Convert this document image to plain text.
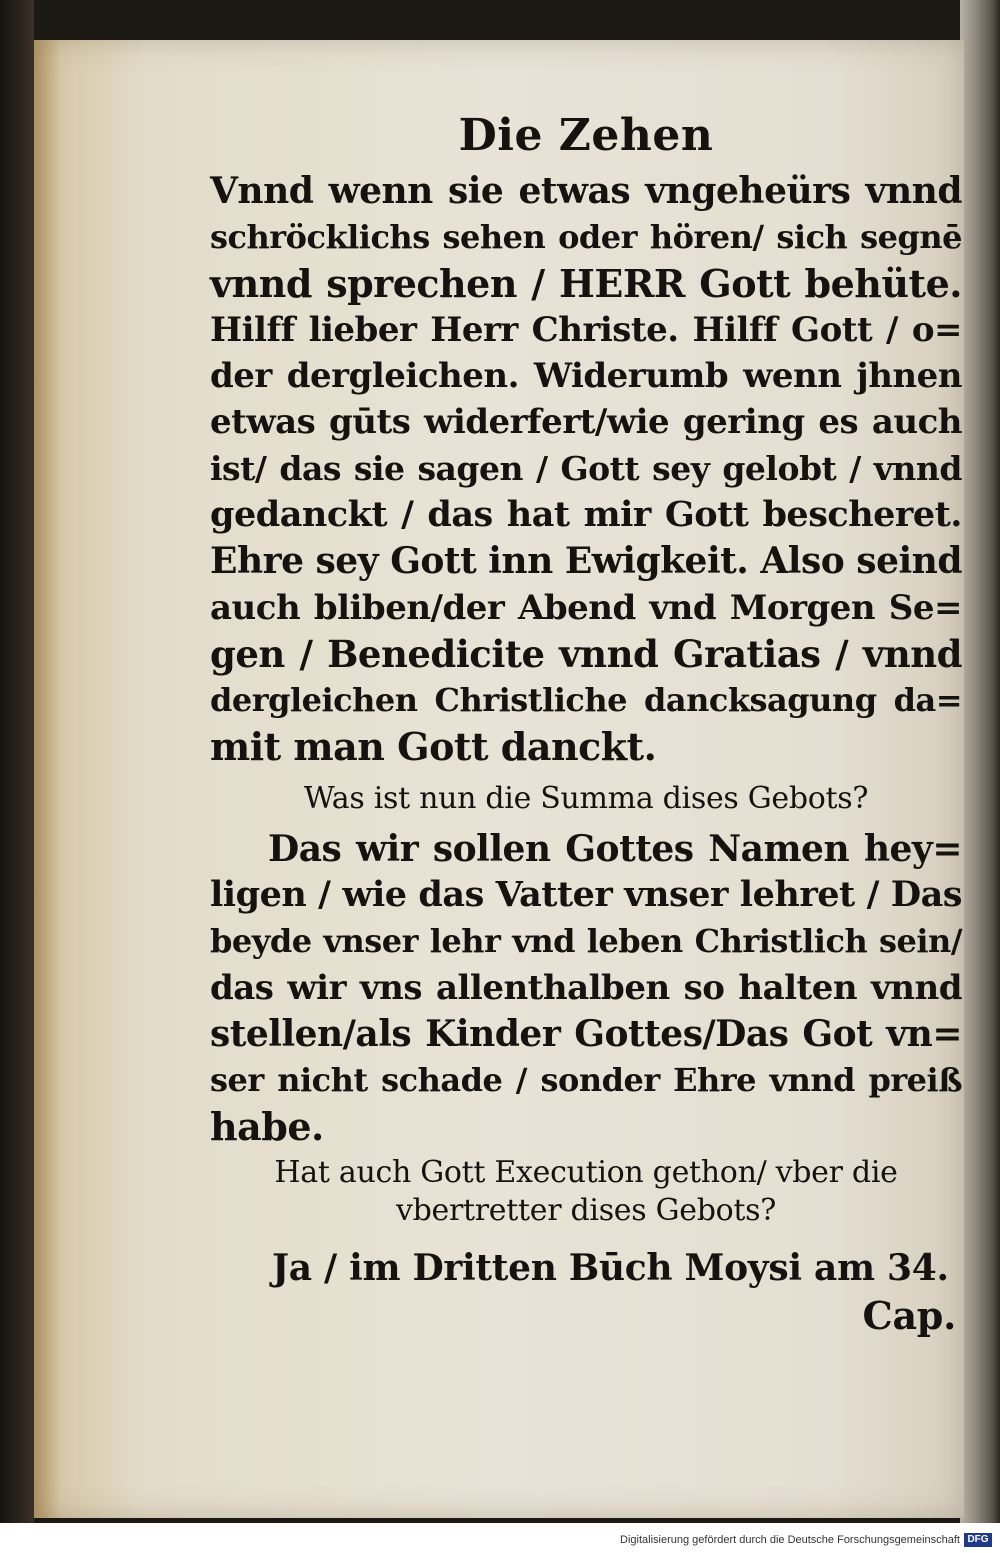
Die Zehen
Vnnd wenn sie etwas vngeheürs vnnd
schröcklichs sehen oder hören/ sich segnē
vnnd sprechen / HERR Gott behüte.
Hilff lieber Herr Christe. Hilff Gott / o=
der dergleichen. Widerumb wenn jhnen
etwas gūts widerfert/wie gering es auch
ist/ das sie sagen / Gott sey gelobt / vnnd
gedanckt / das hat mir Gott bescheret.
Ehre sey Gott inn Ewigkeit. Also seind
auch bliben/der Abend vnd Morgen Se=
gen / Benedicite vnnd Gratias / vnnd
dergleichen Christliche dancksagung da=
mit man Gott danckt.
Was ist nun die Summa dises Gebots?
Das wir sollen Gottes Namen hey=
ligen / wie das Vatter vnser lehret / Das
beyde vnser lehr vnd leben Christlich sein/
das wir vns allenthalben so halten vnnd
stellen/als Kinder Gottes/Das Got vn=
ser nicht schade / sonder Ehre vnnd preiß
habe.
Hat auch Gott Execution gethon/ vber die
vbertretter dises Gebots?
Ja / im Dritten Būch Moysi am 34.
Cap.
Digitalisierung gefördert durch die Deutsche Forschungsgemeinschaft DFG
